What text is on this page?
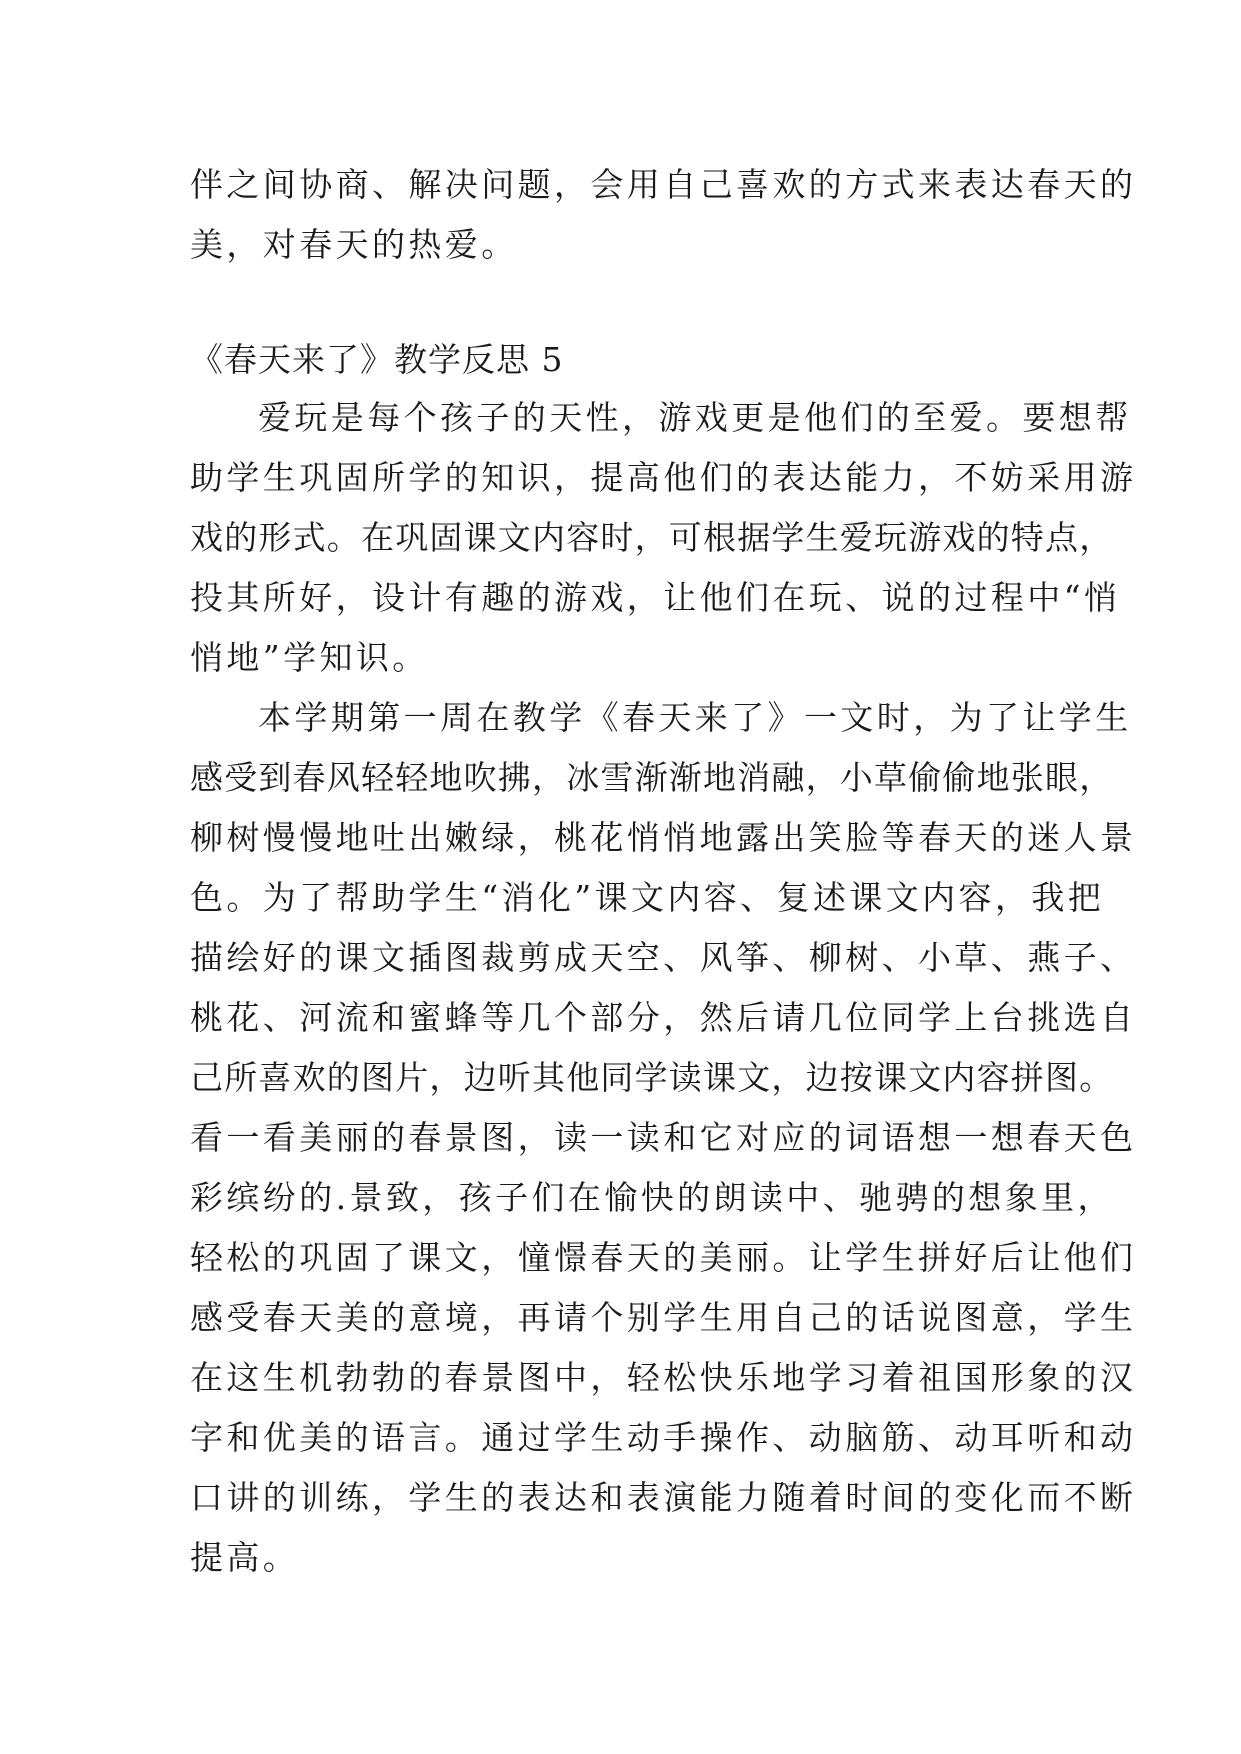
伴之间协商、解决问题，会用自己喜欢的方式来表达春天的

美，对春天的热爱。

《春天来了》教学反思 5

爱玩是每个孩子的天性，游戏更是他们的至爱。要想帮

助学生巩固所学的知识，提高他们的表达能力，不妨采用游

戏的形式。在巩固课文内容时，可根据学生爱玩游戏的特点，

投其所好，设计有趣的游戏，让他们在玩、说的过程中“悄

悄地”学知识。

本学期第一周在教学《春天来了》一文时，为了让学生

感受到春风轻轻地吹拂，冰雪渐渐地消融，小草偷偷地张眼，

柳树慢慢地吐出嫩绿，桃花悄悄地露出笑脸等春天的迷人景

色。为了帮助学生“消化”课文内容、复述课文内容，我把

描绘好的课文插图裁剪成天空、风筝、柳树、小草、燕子、

桃花、河流和蜜蜂等几个部分，然后请几位同学上台挑选自

己所喜欢的图片，边听其他同学读课文，边按课文内容拼图。

看一看美丽的春景图，读一读和它对应的词语想一想春天色

彩缤纷的.景致，孩子们在愉快的朗读中、驰骋的想象里，

轻松的巩固了课文，憧憬春天的美丽。让学生拼好后让他们

感受春天美的意境，再请个别学生用自己的话说图意，学生

在这生机勃勃的春景图中，轻松快乐地学习着祖国形象的汉

字和优美的语言。通过学生动手操作、动脑筋、动耳听和动

口讲的训练，学生的表达和表演能力随着时间的变化而不断

提高。
